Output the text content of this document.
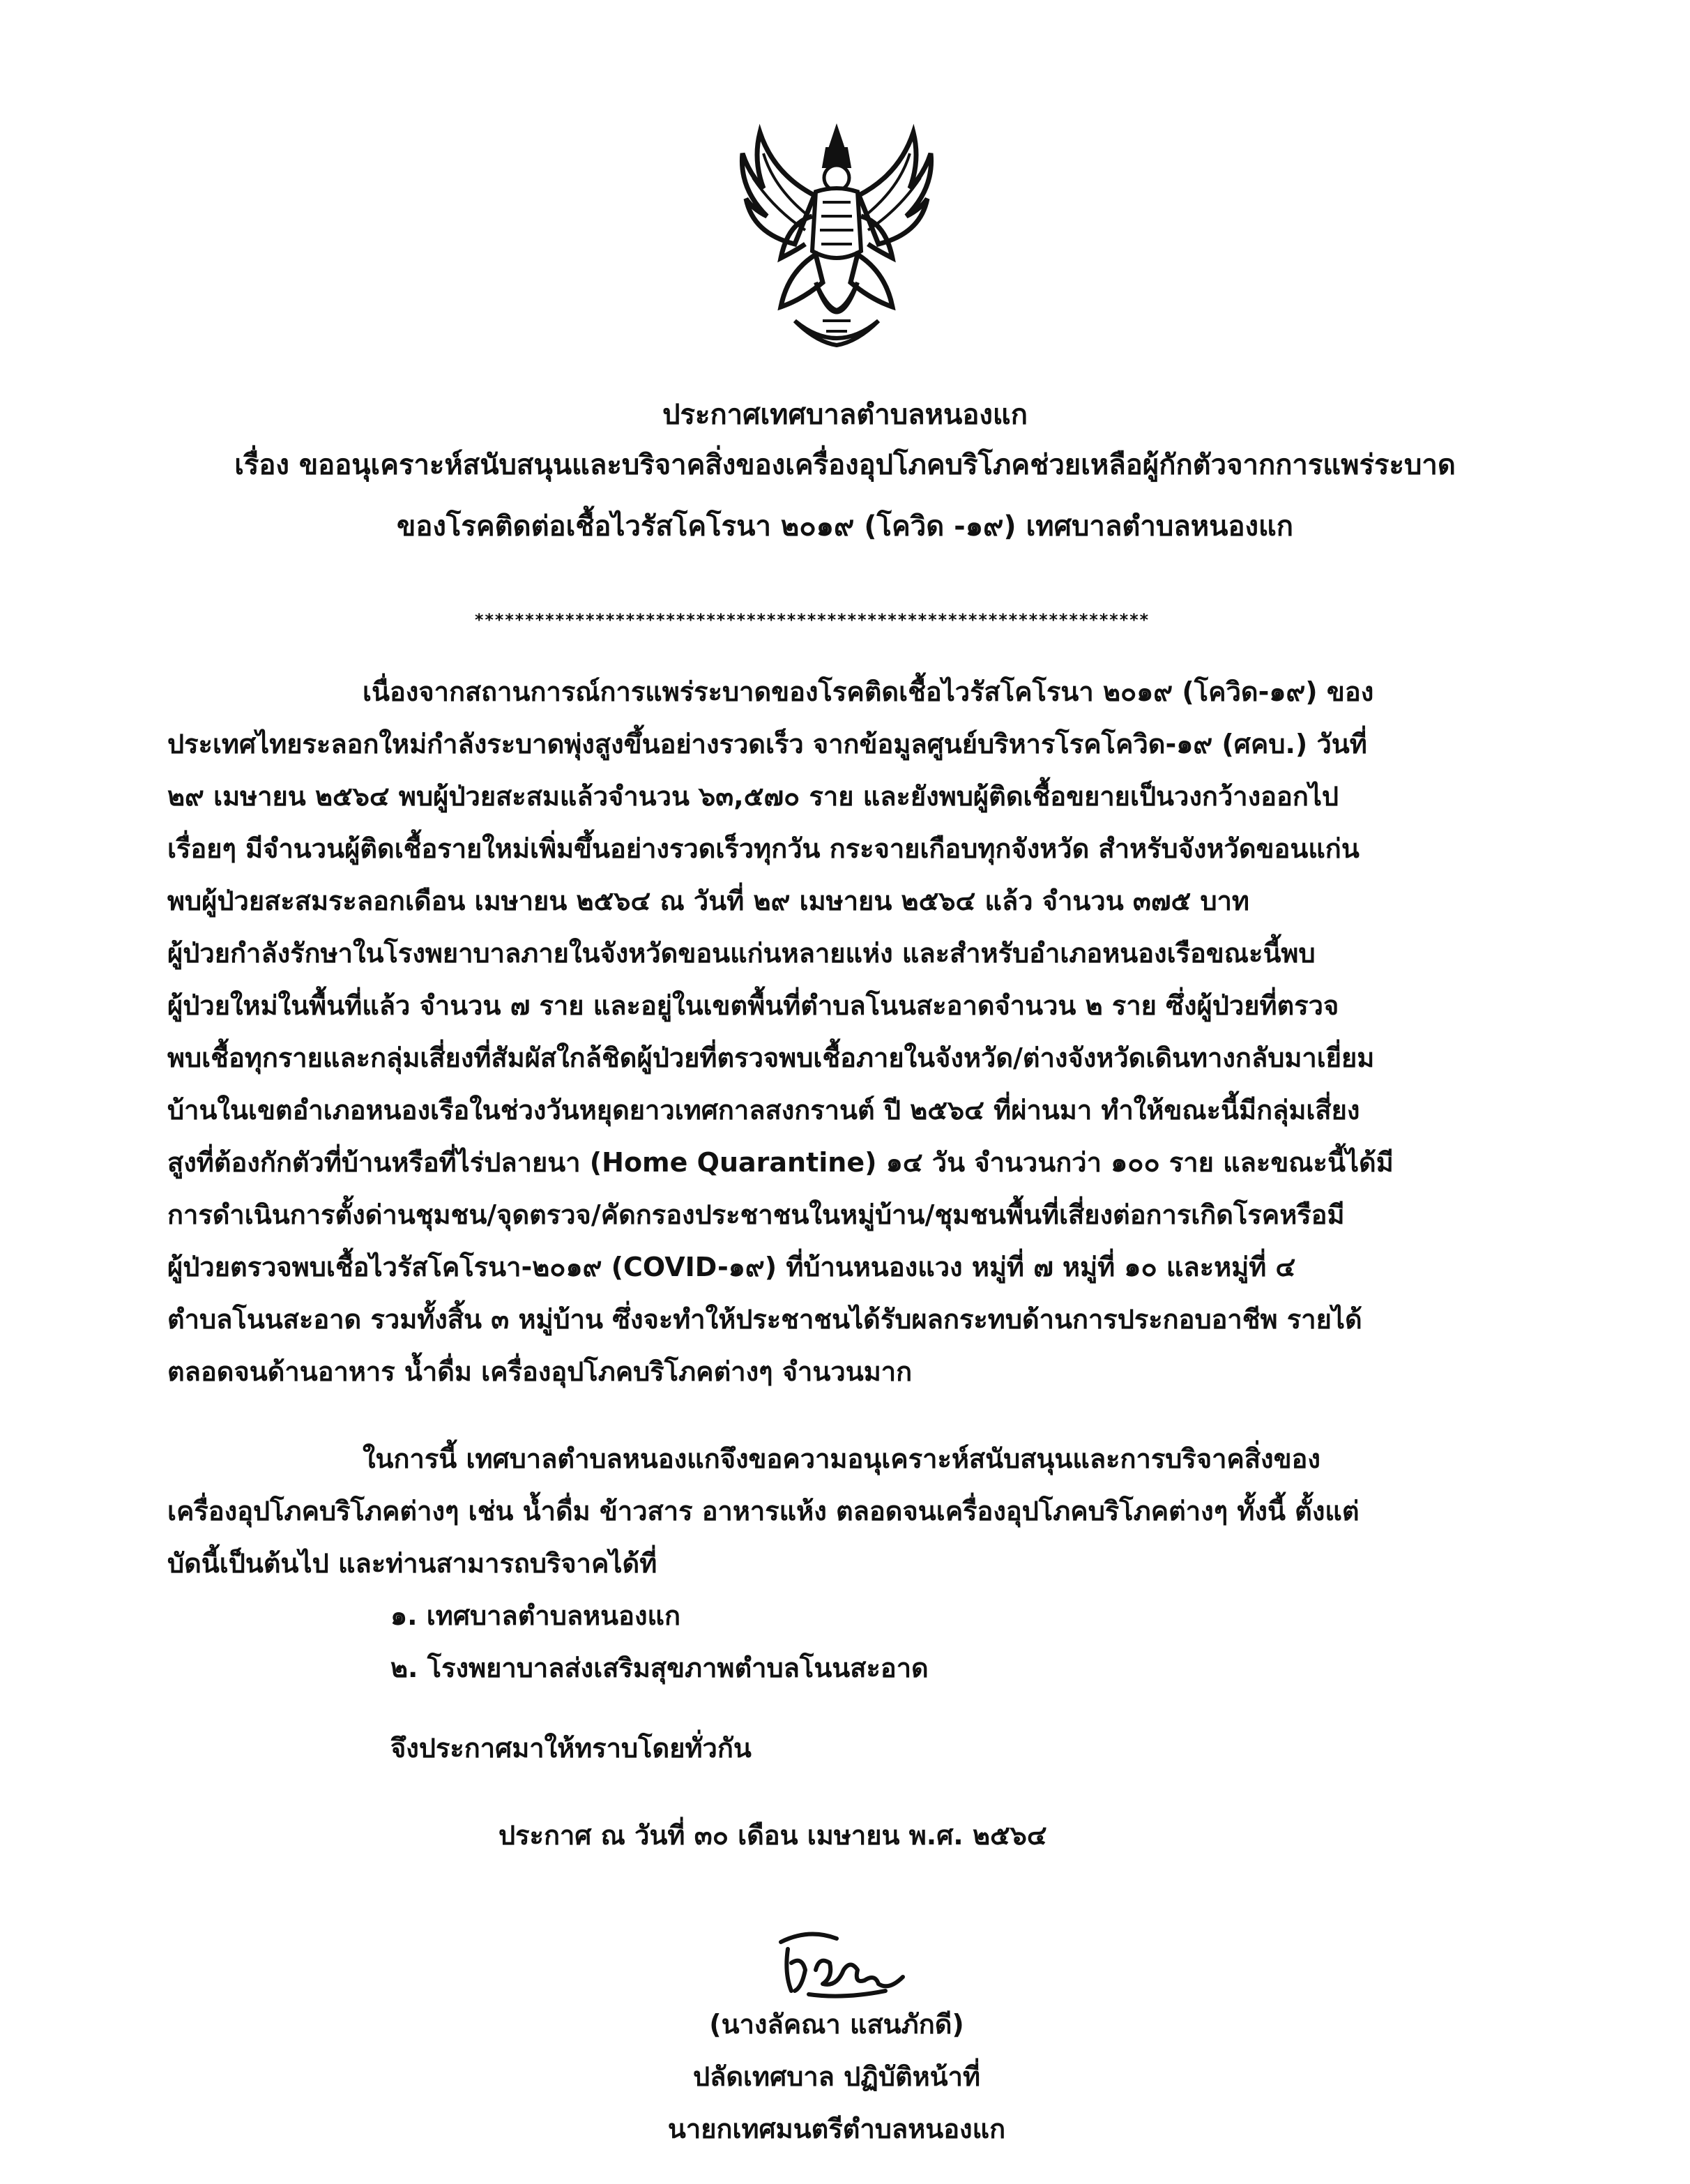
ประกาศเทศบาลตำบลหนองแก
เรื่อง ขออนุเคราะห์สนับสนุนและบริจาคสิ่งของเครื่องอุปโภคบริโภคช่วยเหลือผู้กักตัวจากการแพร่ระบาด
ของโรคติดต่อเชื้อไวรัสโคโรนา ๒๐๑๙ (โควิด -๑๙) เทศบาลตำบลหนองแก
*******************************************************************
เนื่องจากสถานการณ์การแพร่ระบาดของโรคติดเชื้อไวรัสโคโรนา ๒๐๑๙ (โควิด-๑๙) ของ
ประเทศไทยระลอกใหม่กำลังระบาดพุ่งสูงขึ้นอย่างรวดเร็ว จากข้อมูลศูนย์บริหารโรคโควิด-๑๙ (ศคบ.) วันที่
๒๙ เมษายน ๒๕๖๔ พบผู้ป่วยสะสมแล้วจำนวน ๖๓,๕๗๐ ราย และยังพบผู้ติดเชื้อขยายเป็นวงกว้างออกไป
เรื่อยๆ มีจำนวนผู้ติดเชื้อรายใหม่เพิ่มขึ้นอย่างรวดเร็วทุกวัน กระจายเกือบทุกจังหวัด สำหรับจังหวัดขอนแก่น
พบผู้ป่วยสะสมระลอกเดือน เมษายน ๒๕๖๔ ณ วันที่ ๒๙ เมษายน ๒๕๖๔ แล้ว จำนวน ๓๗๕ บาท
ผู้ป่วยกำลังรักษาในโรงพยาบาลภายในจังหวัดขอนแก่นหลายแห่ง และสำหรับอำเภอหนองเรือขณะนี้พบ
ผู้ป่วยใหม่ในพื้นที่แล้ว จำนวน ๗ ราย และอยู่ในเขตพื้นที่ตำบลโนนสะอาดจำนวน ๒ ราย ซึ่งผู้ป่วยที่ตรวจ
พบเชื้อทุกรายและกลุ่มเสี่ยงที่สัมผัสใกล้ชิดผู้ป่วยที่ตรวจพบเชื้อภายในจังหวัด/ต่างจังหวัดเดินทางกลับมาเยี่ยม
บ้านในเขตอำเภอหนองเรือในช่วงวันหยุดยาวเทศกาลสงกรานต์ ปี ๒๕๖๔ ที่ผ่านมา ทำให้ขณะนี้มีกลุ่มเสี่ยง
สูงที่ต้องกักตัวที่บ้านหรือที่ไร่ปลายนา (Home Quarantine) ๑๔ วัน จำนวนกว่า ๑๐๐ ราย และขณะนี้ได้มี
การดำเนินการตั้งด่านชุมชน/จุดตรวจ/คัดกรองประชาชนในหมู่บ้าน/ชุมชนพื้นที่เสี่ยงต่อการเกิดโรคหรือมี
ผู้ป่วยตรวจพบเชื้อไวรัสโคโรนา-๒๐๑๙ (COVID-๑๙) ที่บ้านหนองแวง หมู่ที่ ๗ หมู่ที่ ๑๐ และหมู่ที่ ๔
ตำบลโนนสะอาด รวมทั้งสิ้น ๓ หมู่บ้าน ซึ่งจะทำให้ประชาชนได้รับผลกระทบด้านการประกอบอาชีพ รายได้
ตลอดจนด้านอาหาร น้ำดื่ม เครื่องอุปโภคบริโภคต่างๆ จำนวนมาก
ในการนี้ เทศบาลตำบลหนองแกจึงขอความอนุเคราะห์สนับสนุนและการบริจาคสิ่งของ
เครื่องอุปโภคบริโภคต่างๆ เช่น น้ำดื่ม ข้าวสาร อาหารแห้ง ตลอดจนเครื่องอุปโภคบริโภคต่างๆ ทั้งนี้ ตั้งแต่
บัดนี้เป็นต้นไป และท่านสามารถบริจาคได้ที่
๑. เทศบาลตำบลหนองแก
๒. โรงพยาบาลส่งเสริมสุขภาพตำบลโนนสะอาด
จึงประกาศมาให้ทราบโดยทั่วกัน
ประกาศ ณ วันที่ ๓๐ เดือน เมษายน พ.ศ. ๒๕๖๔
(นางลัคณา แสนภักดี)
ปลัดเทศบาล ปฏิบัติหน้าที่
นายกเทศมนตรีตำบลหนองแก
